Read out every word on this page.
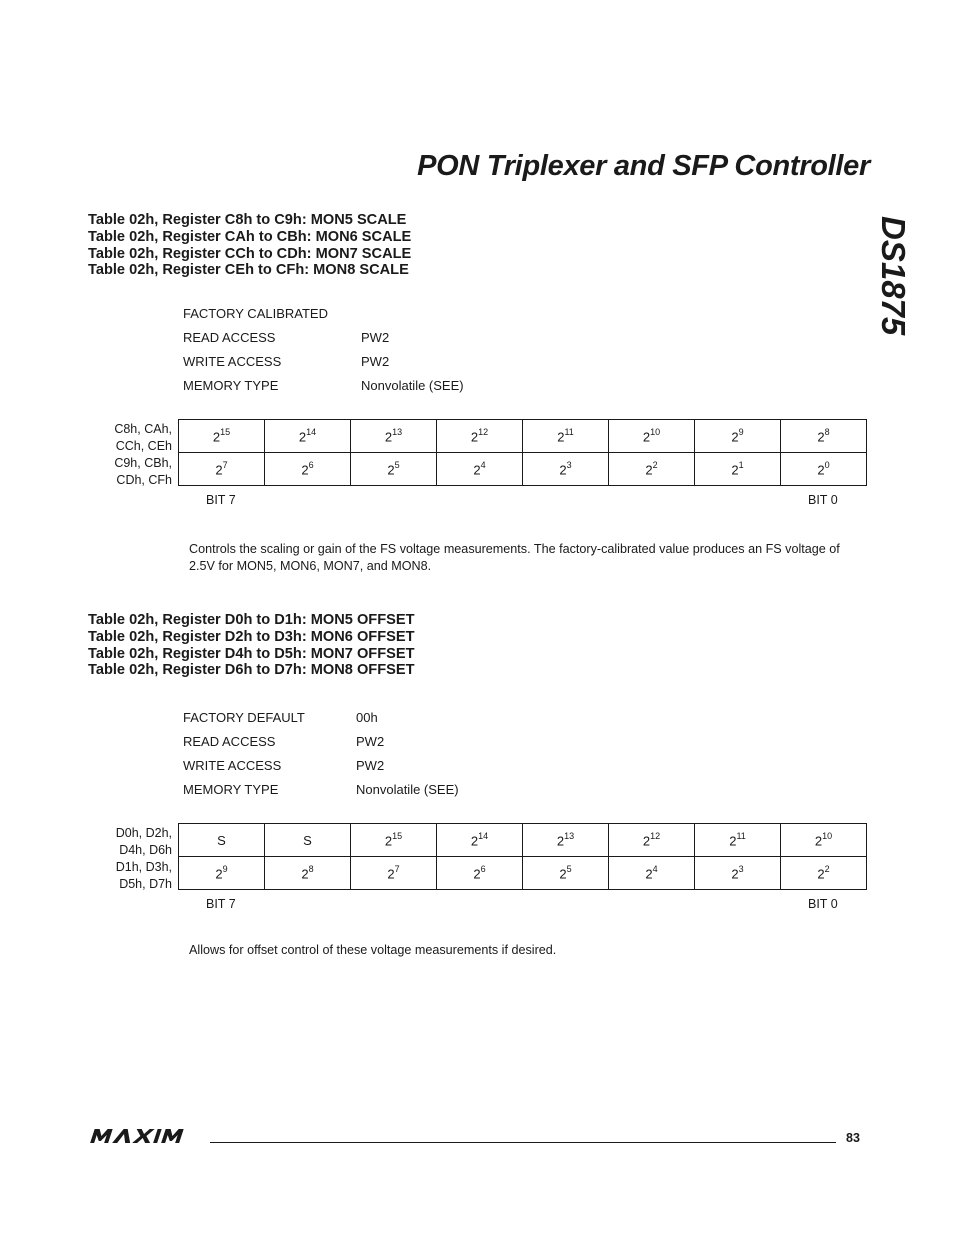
PON Triplexer and SFP Controller
DS1875
Table 02h, Register C8h to C9h: MON5 SCALE
Table 02h, Register CAh to CBh: MON6 SCALE
Table 02h, Register CCh to CDh: MON7 SCALE
Table 02h, Register CEh to CFh: MON8 SCALE
FACTORY CALIBRATED
READ ACCESS	PW2
WRITE ACCESS	PW2
MEMORY TYPE	Nonvolatile (SEE)
C8h, CAh,
CCh, CEh
C9h, CBh,
CDh, CFh
$2^{15}$	$2^{14}$	$2^{13}$	$2^{12}$	$2^{11}$	$2^{10}$	$2^9$	$2^8$
$2^7$	$2^6$	$2^5$	$2^4$	$2^3$	$2^2$	$2^1$	$2^0$
BIT 7	BIT 0
Controls the scaling or gain of the FS voltage measurements. The factory-calibrated value produces an FS voltage of 2.5V for MON5, MON6, MON7, and MON8.
Table 02h, Register D0h to D1h: MON5 OFFSET
Table 02h, Register D2h to D3h: MON6 OFFSET
Table 02h, Register D4h to D5h: MON7 OFFSET
Table 02h, Register D6h to D7h: MON8 OFFSET
FACTORY DEFAULT	00h
READ ACCESS	PW2
WRITE ACCESS	PW2
MEMORY TYPE	Nonvolatile (SEE)
D0h, D2h,
D4h, D6h
D1h, D3h,
D5h, D7h
S	S	$2^{15}$	$2^{14}$	$2^{13}$	$2^{12}$	$2^{11}$	$2^{10}$
$2^9$	$2^8$	$2^7$	$2^6$	$2^5$	$2^4$	$2^3$	$2^2$
BIT 7	BIT 0
Allows for offset control of these voltage measurements if desired.
83
